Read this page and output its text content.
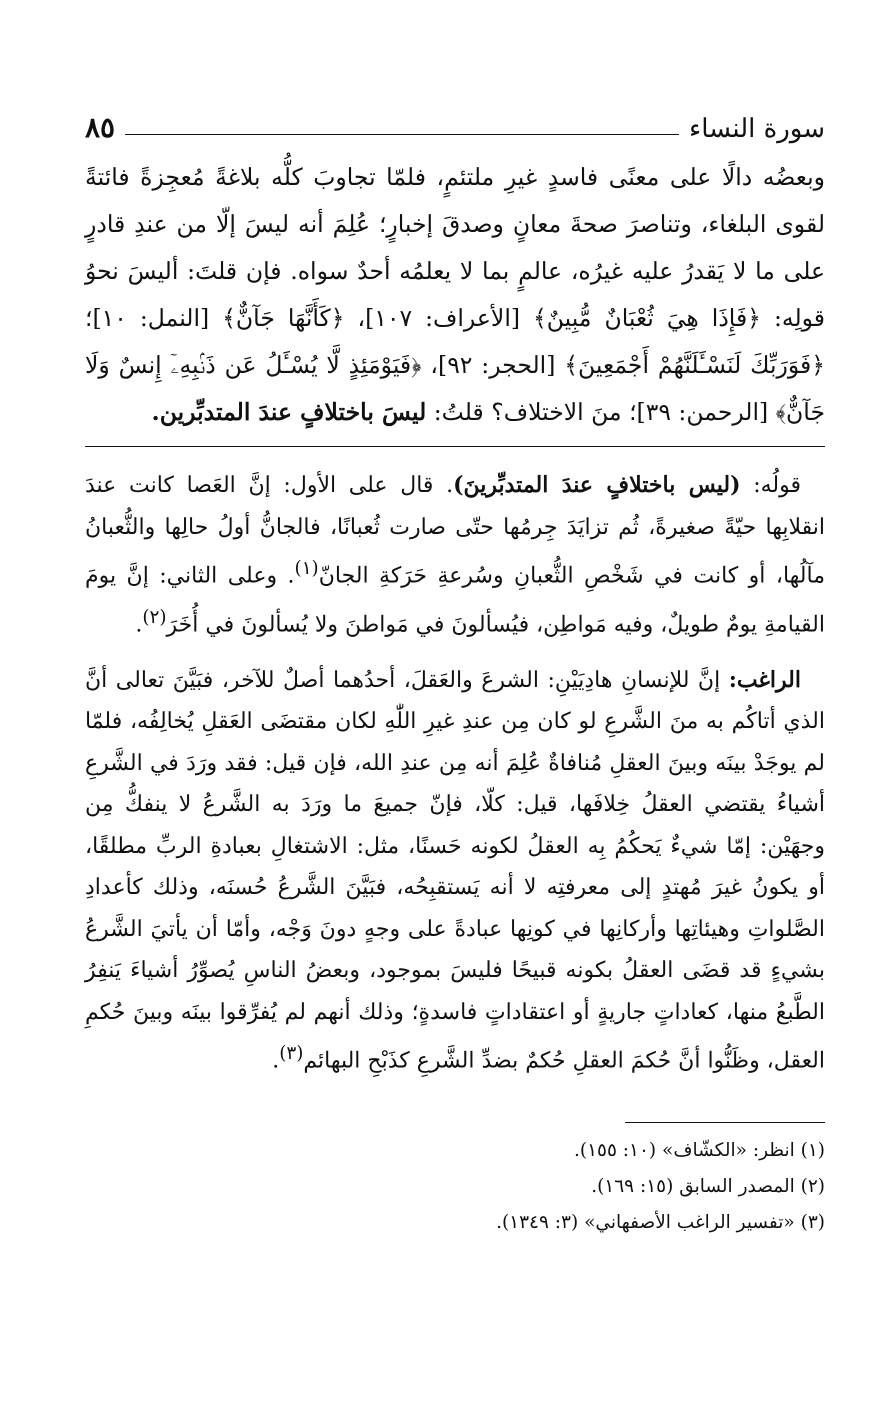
سورة النساء
٨٥

وبعضُه دالًا على معنًى فاسدٍ غيرِ ملتئمٍ، فلمّا تجاوبَ كلُّه بلاغةً مُعجِزةً فائتةً لقوى البلغاء، وتناصرَ صحةَ معانٍ وصدقَ إخبارٍ؛ عُلِمَ أنه ليسَ إلّا من عندِ قادرٍ على ما لا يَقدرُ عليه غيرُه، عالمٍ بما لا يعلمُه أحدٌ سواه. فإن قلتَ: أليسَ نحوُ قولِه: ﴿فَإِذَا هِيَ ثُعْبَانٌ مُّبِينٌ﴾ [الأعراف: ١٠٧]، ﴿كَأَنَّهَا جَآنٌّ﴾ [النمل: ١٠]؛ ﴿فَوَرَبِّكَ لَنَسْـَٔلَنَّهُمْ أَجْمَعِينَ﴾ [الحجر: ٩٢]، ﴿فَيَوْمَئِذٍ لَّا يُسْـَٔلُ عَن ذَنۢبِهِۦٓ إِنسٌ وَلَا جَآنٌّ﴾ [الرحمن: ٣٩]؛ منَ الاختلاف؟ قلتُ: ليسَ باختلافٍ عندَ المتدبِّرين.

قولُه: (ليس باختلافٍ عندَ المتدبِّرينَ). قال على الأول: إنَّ العَصا كانت عندَ انقلابِها حيّةً صغيرةً، ثُم تزايَدَ جِرمُها حتّى صارت ثُعبانًا، فالجانُّ أولُ حالِها والثُّعبانُ مآلُها، أو كانت في شَخْصِ الثُّعبانِ وسُرعةِ حَرَكةِ الجانّ$^{(١)}$. وعلى الثاني: إنَّ يومَ القيامةِ يومٌ طويلٌ، وفيه مَواطِن، فيُسألونَ في مَواطنَ ولا يُسألونَ في أُخَرَ$^{(٢)}$.

الراغب: إنَّ للإنسانِ هادِيَيْنِ: الشرعَ والعَقلَ، أحدُهما أصلٌ للآخر، فبَيَّنَ تعالى أنَّ الذي أتاكُم به منَ الشَّرعِ لو كان مِن عندِ غيرِ اللّٰهِ لكان مقتضَى العَقلِ يُخالِفُه، فلمّا لم يوجَدْ بينَه وبينَ العقلِ مُنافاةٌ عُلِمَ أنه مِن عندِ الله، فإن قيل: فقد ورَدَ في الشَّرعِ أشياءُ يقتضي العقلُ خِلافَها، قيل: كلّا، فإنّ جميعَ ما ورَدَ به الشَّرعُ لا ينفكُّ مِن وجهَيْن: إمّا شيءٌ يَحكُمُ بِه العقلُ لكونه حَسنًا، مثل: الاشتغالِ بعبادةِ الربِّ مطلقًا، أو يكونُ غيرَ مُهتدٍ إلى معرفتِه لا أنه يَستقبِحُه، فبَيَّنَ الشَّرعُ حُسنَه، وذلك كأعدادِ الصَّلواتِ وهيئاتِها وأركانِها في كونِها عبادةً على وجهٍ دونَ وَجْه، وأمّا أن يأتيَ الشَّرعُ بشيءٍ قد قضَى العقلُ بكونه قبيحًا فليسَ بموجود، وبعضُ الناسِ يُصوِّرُ أشياءَ يَنفِرُ الطَّبعُ منها، كعاداتٍ جاريةٍ أو اعتقاداتٍ فاسدةٍ؛ وذلك أنهم لم يُفرِّقوا بينَه وبينَ حُكمِ العقل، وظَنُّوا أنَّ حُكمَ العقلِ حُكمٌ بضدِّ الشَّرعِ كذَبْحِ البهائم$^{(٣)}$.

(١) انظر: «الكشّاف» (١٠: ١٥٥).
(٢) المصدر السابق (١٥: ١٦٩).
(٣) «تفسير الراغب الأصفهاني» (٣: ١٣٤٩).
